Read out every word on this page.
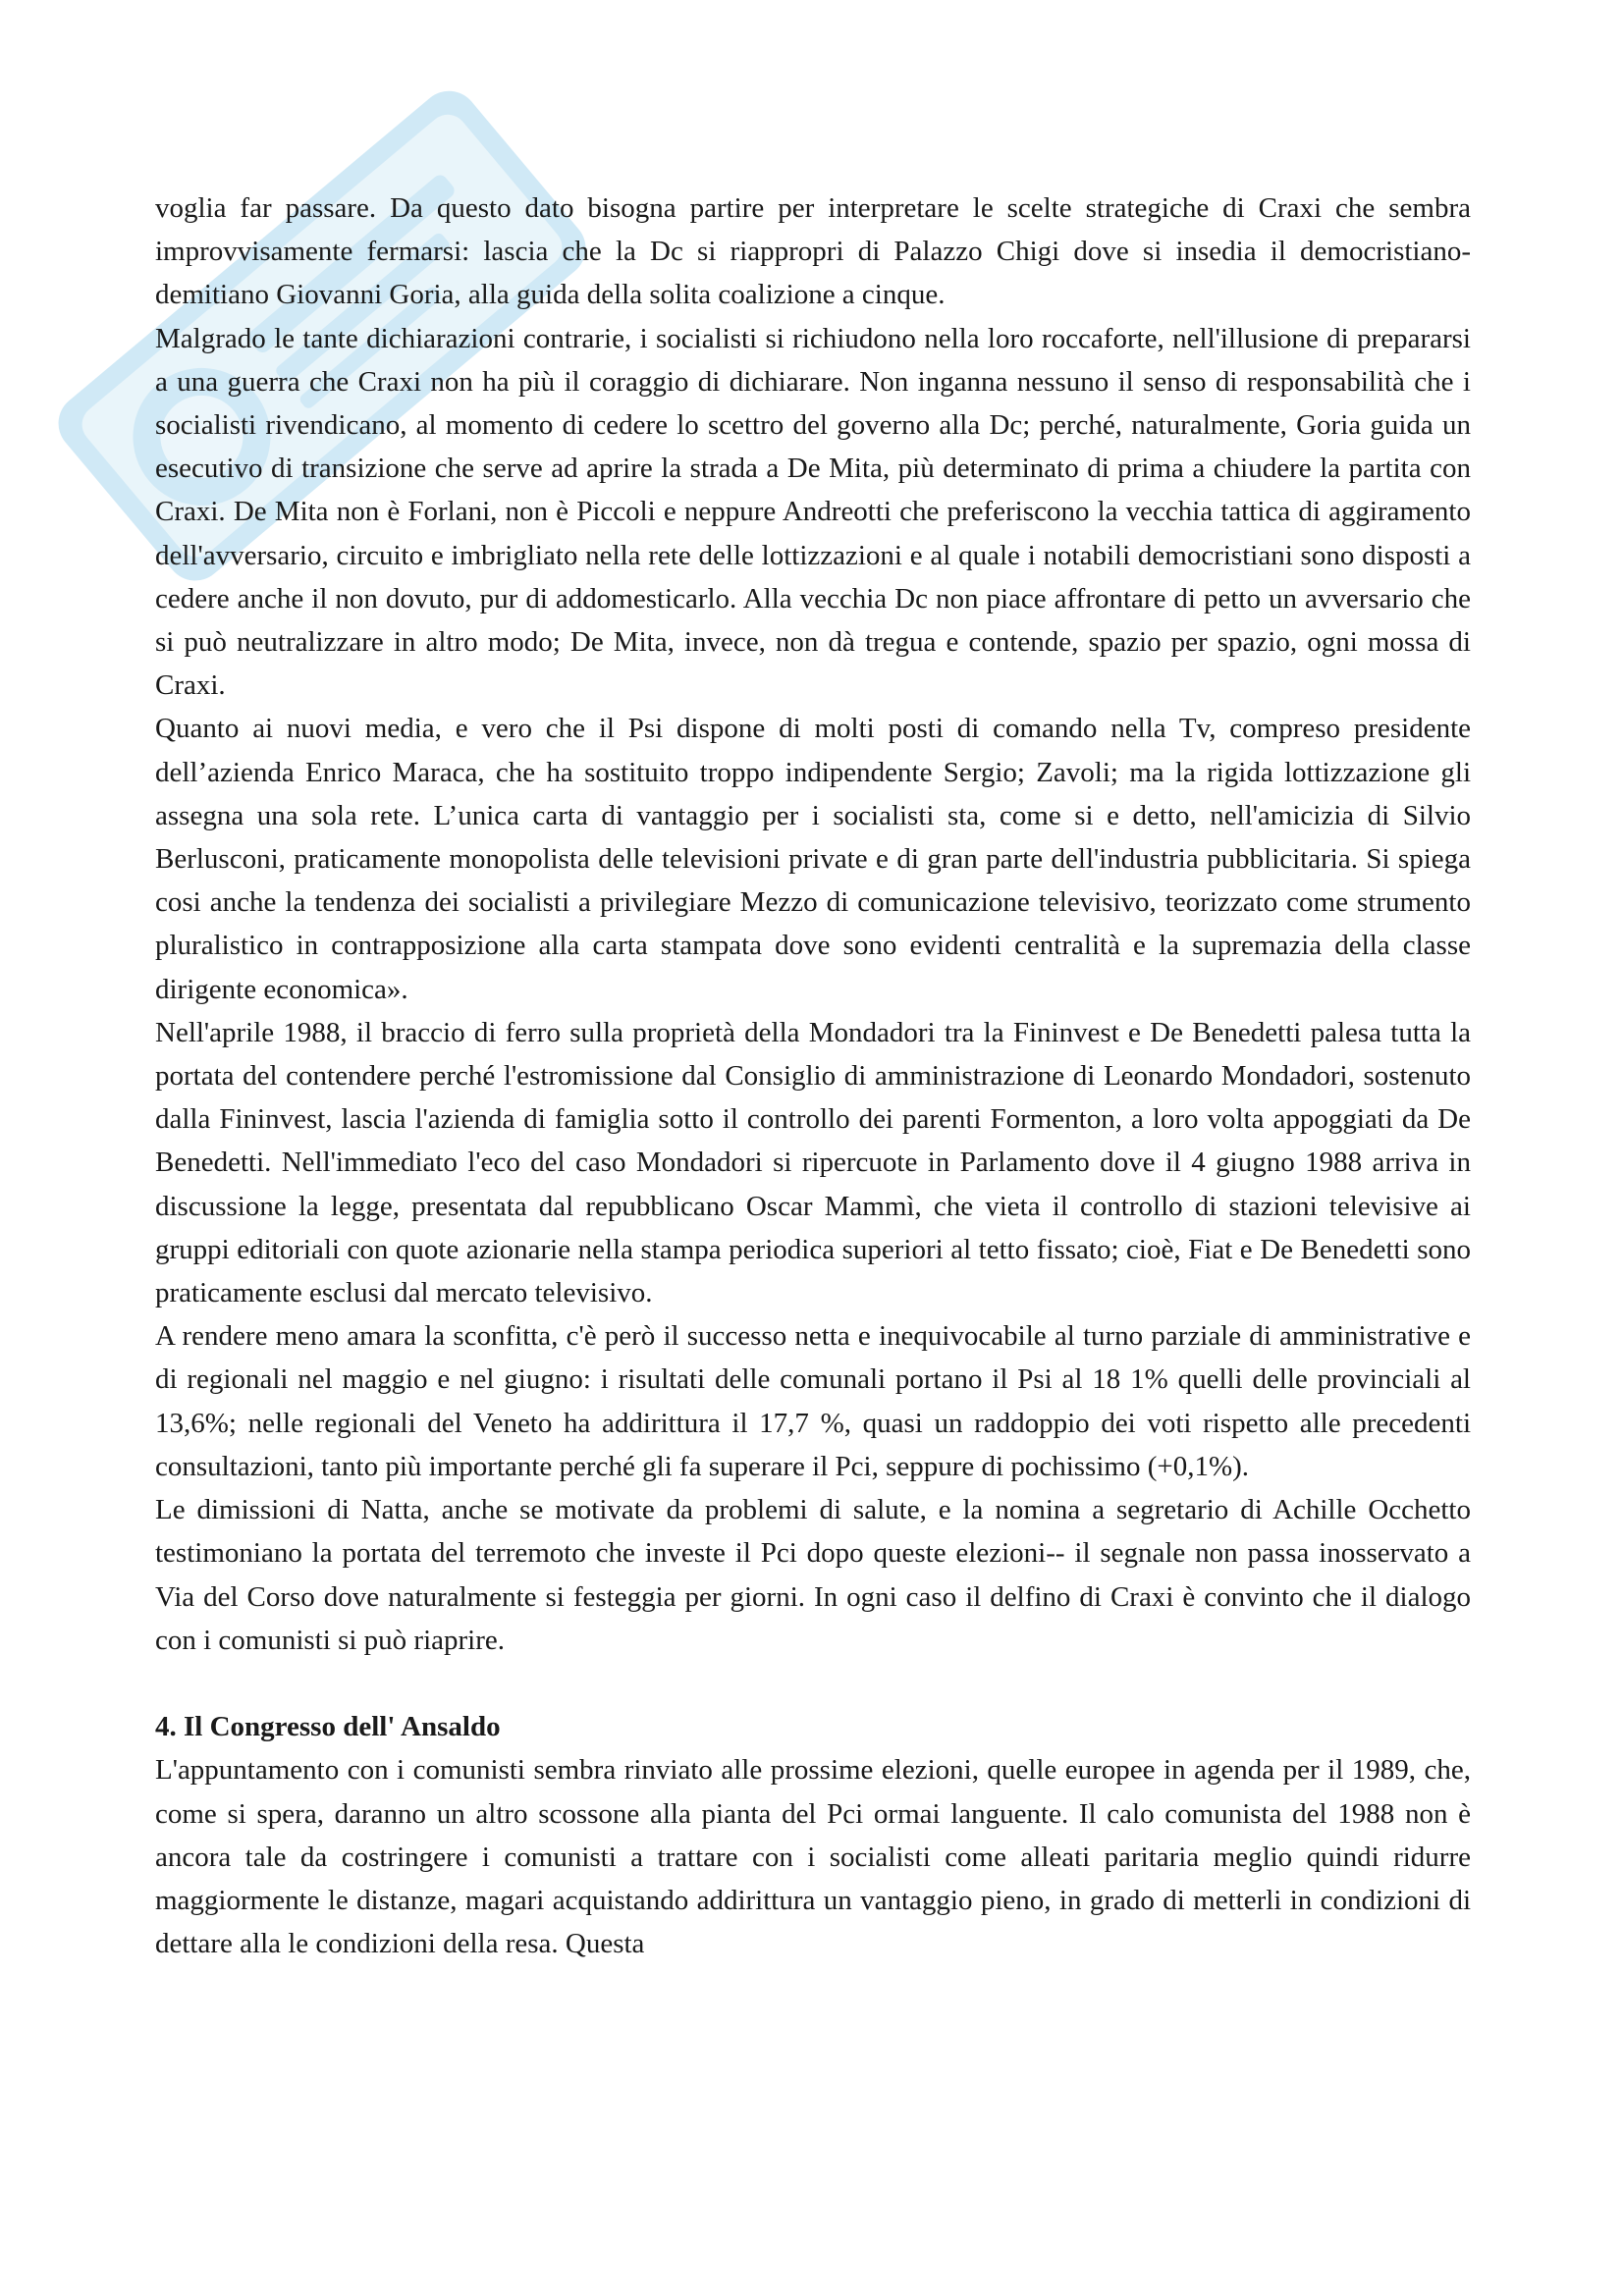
voglia far passare. Da questo dato bisogna partire per interpretare le scelte strategiche di Craxi che sembra improvvisamente fermarsi: lascia che la Dc si riappropri di Palazzo Chigi dove si insedia il democristiano-demitiano Giovanni Goria, alla guida della solita coalizione a cinque.

Malgrado le tante dichiarazioni contrarie, i socialisti si richiudono nella loro roccaforte, nell'illusione di prepararsi a una guerra che Craxi non ha più il coraggio di dichiarare. Non inganna nessuno il senso di responsabilità che i socialisti rivendicano, al momento di cedere lo scettro del governo alla Dc; perché, naturalmente, Goria guida un esecutivo di transizione che serve ad aprire la strada a De Mita, più determinato di prima a chiudere la partita con Craxi. De Mita non è Forlani, non è Piccoli e neppure Andreotti che preferiscono la vecchia tattica di aggiramento dell'avversario, circuito e imbrigliato nella rete delle lottizzazioni e al quale i notabili democristiani sono disposti a cedere anche il non dovuto, pur di addomesticarlo. Alla vecchia Dc non piace affrontare di petto un avversario che si può neutralizzare in altro modo; De Mita, invece, non dà tregua e contende, spazio per spazio, ogni mossa di Craxi.

Quanto ai nuovi media, e vero che il Psi dispone di molti posti di comando nella Tv, compreso presidente dell’azienda Enrico Maraca, che ha sostituito troppo indipendente Sergio; Zavoli; ma la rigida lottizzazione gli assegna una sola rete. L’unica carta di vantaggio per i socialisti sta, come si e detto, nell'amicizia di Silvio Berlusconi, praticamente monopolista delle televisioni private e di gran parte dell'industria pubblicitaria. Si spiega cosi anche la tendenza dei socialisti a privilegiare Mezzo di comunicazione televisivo, teorizzato come strumento pluralistico in contrapposizione alla carta stampata dove sono evidenti centralità e la supremazia della classe dirigente economica».

Nell'aprile 1988, il braccio di ferro sulla proprietà della Mondadori tra la Fininvest e De Benedetti palesa tutta la portata del contendere perché l'estromissione dal Consiglio di amministrazione di Leonardo Mondadori, sostenuto dalla Fininvest, lascia l'azienda di famiglia sotto il controllo dei parenti Formenton, a loro volta appoggiati da De Benedetti. Nell'immediato l'eco del caso Mondadori si ripercuote in Parlamento dove il 4 giugno 1988 arriva in discussione la legge, presentata dal repubblicano Oscar Mammì, che vieta il controllo di stazioni televisive ai gruppi editoriali con quote azionarie nella stampa periodica superiori al tetto fissato; cioè, Fiat e De Benedetti sono praticamente esclusi dal mercato televisivo.

A rendere meno amara la sconfitta, c'è però il successo netta e inequivocabile al turno parziale di amministrative e di regionali nel maggio e nel giugno: i risultati delle comunali portano il Psi al 18 1% quelli delle provinciali al 13,6%; nelle regionali del Veneto ha addirittura il 17,7 %, quasi un raddoppio dei voti rispetto alle precedenti consultazioni, tanto più importante perché gli fa superare il Pci, seppure di pochissimo (+0,1%).

Le dimissioni di Natta, anche se motivate da problemi di salute, e la nomina a segretario di Achille Occhetto testimoniano la portata del terremoto che investe il Pci dopo queste elezioni-- il segnale non passa inosservato a Via del Corso dove naturalmente si festeggia per giorni. In ogni caso il delfino di Craxi è convinto che il dialogo con i comunisti si può riaprire.

4. Il Congresso dell' Ansaldo

L'appuntamento con i comunisti sembra rinviato alle prossime elezioni, quelle europee in agenda per il 1989, che, come si spera, daranno un altro scossone alla pianta del Pci ormai languente. Il calo comunista del 1988 non è ancora tale da costringere i comunisti a trattare con i socialisti come alleati paritaria meglio quindi ridurre maggiormente le distanze, magari acquistando addirittura un vantaggio pieno, in grado di metterli in condizioni di dettare alla le condizioni della resa. Questa
